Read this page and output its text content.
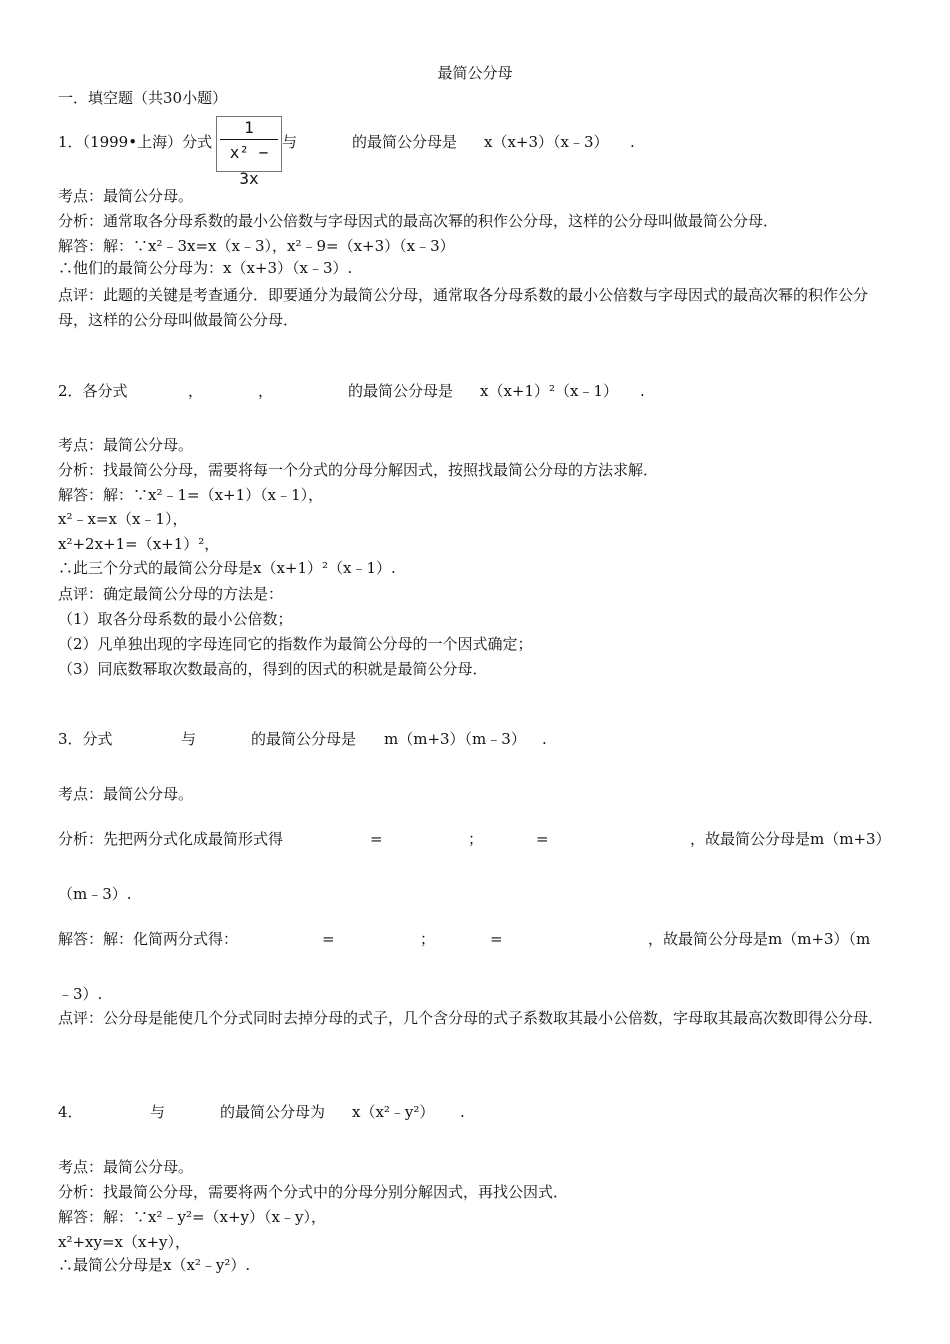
最简公分母
一．填空题（共30小题）
1．（1999•上海）分式
1
x² − 3x
与	的最简公分母是 x（x+3）（x﹣3） .
考点：最简公分母。
分析：通常取各分母系数的最小公倍数与字母因式的最高次幂的积作公分母，这样的公分母叫做最简公分母．
解答：解：∵x²﹣3x=x（x﹣3），x²﹣9=（x+3）（x﹣3）
∴他们的最简公分母为：x（x+3）（x﹣3）.
点评：此题的关键是考查通分．即要通分为最简公分母，通常取各分母系数的最小公倍数与字母因式的最高次幂的积作公分母，这样的公分母叫做最简公分母．
2．各分式	，	，	的最简公分母是 x（x+1）²（x﹣1） .
考点：最简公分母。
分析：找最简公分母，需要将每一个分式的分母分解因式，按照找最简公分母的方法求解．
解答：解：∵x²﹣1=（x+1）（x﹣1），
x²﹣x=x（x﹣1），
x²+2x+1=（x+1）²，
∴此三个分式的最简公分母是x（x+1）²（x﹣1）.
点评：确定最简公分母的方法是：
（1）取各分母系数的最小公倍数；
（2）凡单独出现的字母连同它的指数作为最简公分母的一个因式确定；
（3）同底数幂取次数最高的，得到的因式的积就是最简公分母．
3．分式	与	的最简公分母是 m（m+3）（m﹣3） .
考点：最简公分母。
分析：先把两分式化成最简形式得	=	；	=	，故最简公分母是m（m+3）
（m﹣3）.
解答：解：化简两分式得：	=	；	=	，故最简公分母是m（m+3）（m
﹣3）.
点评：公分母是能使几个分式同时去掉分母的式子，几个含分母的式子系数取其最小公倍数，字母取其最高次数即得公分母．
4．	与	的最简公分母为 x（x²﹣y²） .
考点：最简公分母。
分析：找最简公分母，需要将两个分式中的分母分别分解因式，再找公因式．
解答：解：∵x²﹣y²=（x+y）（x﹣y），
x²+xy=x（x+y），
∴最简公分母是x（x²﹣y²）.
